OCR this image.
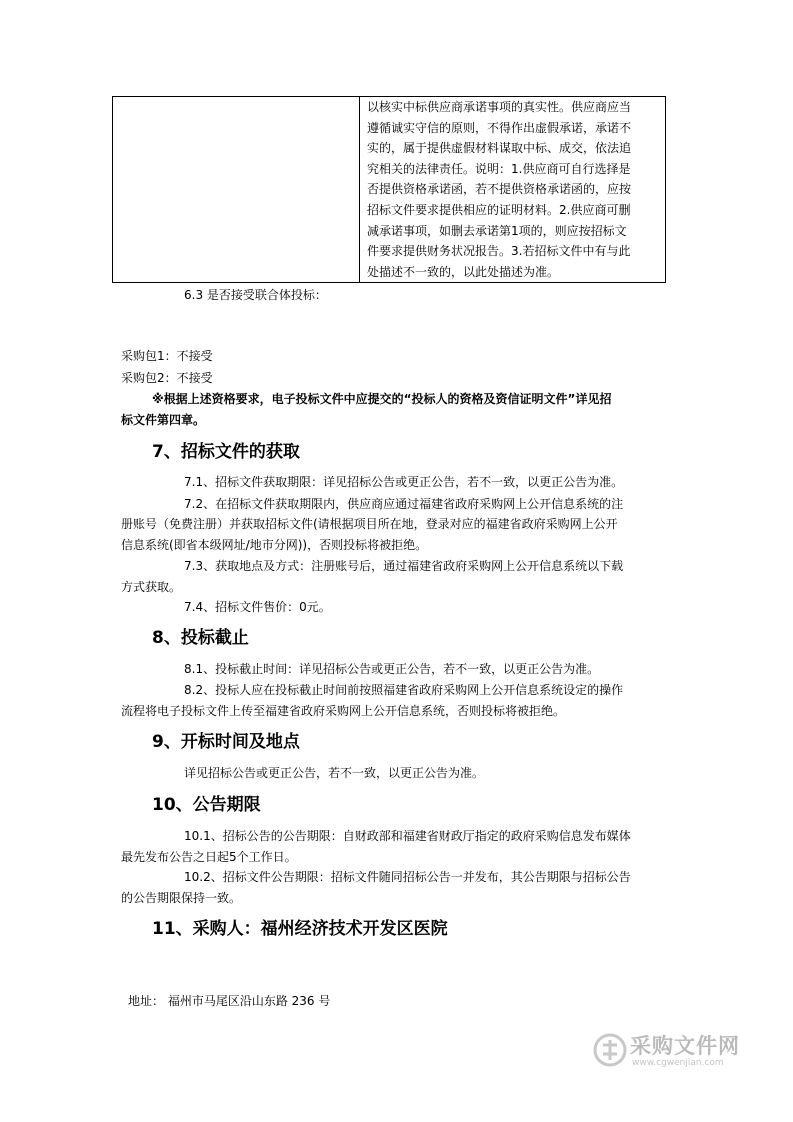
以核实中标供应商承诺事项的真实性。供应商应当
遵循诚实守信的原则，不得作出虚假承诺，承诺不
实的，属于提供虚假材料谋取中标、成交，依法追
究相关的法律责任。说明：1.供应商可自行选择是
否提供资格承诺函，若不提供资格承诺函的，应按
招标文件要求提供相应的证明材料。2.供应商可删
减承诺事项，如删去承诺第1项的，则应按招标文
件要求提供财务状况报告。3.若招标文件中有与此
处描述不一致的，以此处描述为准。
6.3 是否接受联合体投标：
采购包1：不接受
采购包2：不接受
※根据上述资格要求，电子投标文件中应提交的“投标人的资格及资信证明文件”详见招
标文件第四章。
7、招标文件的获取
7.1、招标文件获取期限：详见招标公告或更正公告，若不一致，以更正公告为准。
7.2、在招标文件获取期限内，供应商应通过福建省政府采购网上公开信息系统的注
册账号（免费注册）并获取招标文件(请根据项目所在地，登录对应的福建省政府采购网上公开
信息系统(即省本级网址/地市分网))，否则投标将被拒绝。
7.3、获取地点及方式：注册账号后，通过福建省政府采购网上公开信息系统以下载
方式获取。
7.4、招标文件售价：0元。
8、投标截止
8.1、投标截止时间：详见招标公告或更正公告，若不一致，以更正公告为准。
8.2、投标人应在投标截止时间前按照福建省政府采购网上公开信息系统设定的操作
流程将电子投标文件上传至福建省政府采购网上公开信息系统，否则投标将被拒绝。
9、开标时间及地点
详见招标公告或更正公告，若不一致，以更正公告为准。
10、公告期限
10.1、招标公告的公告期限：自财政部和福建省财政厅指定的政府采购信息发布媒体
最先发布公告之日起5个工作日。
10.2、招标文件公告期限：招标文件随同招标公告一并发布，其公告期限与招标公告
的公告期限保持一致。
11、采购人：福州经济技术开发区医院
地址： 福州市马尾区沿山东路 236 号
采购文件网
www.cgwenjian.com
